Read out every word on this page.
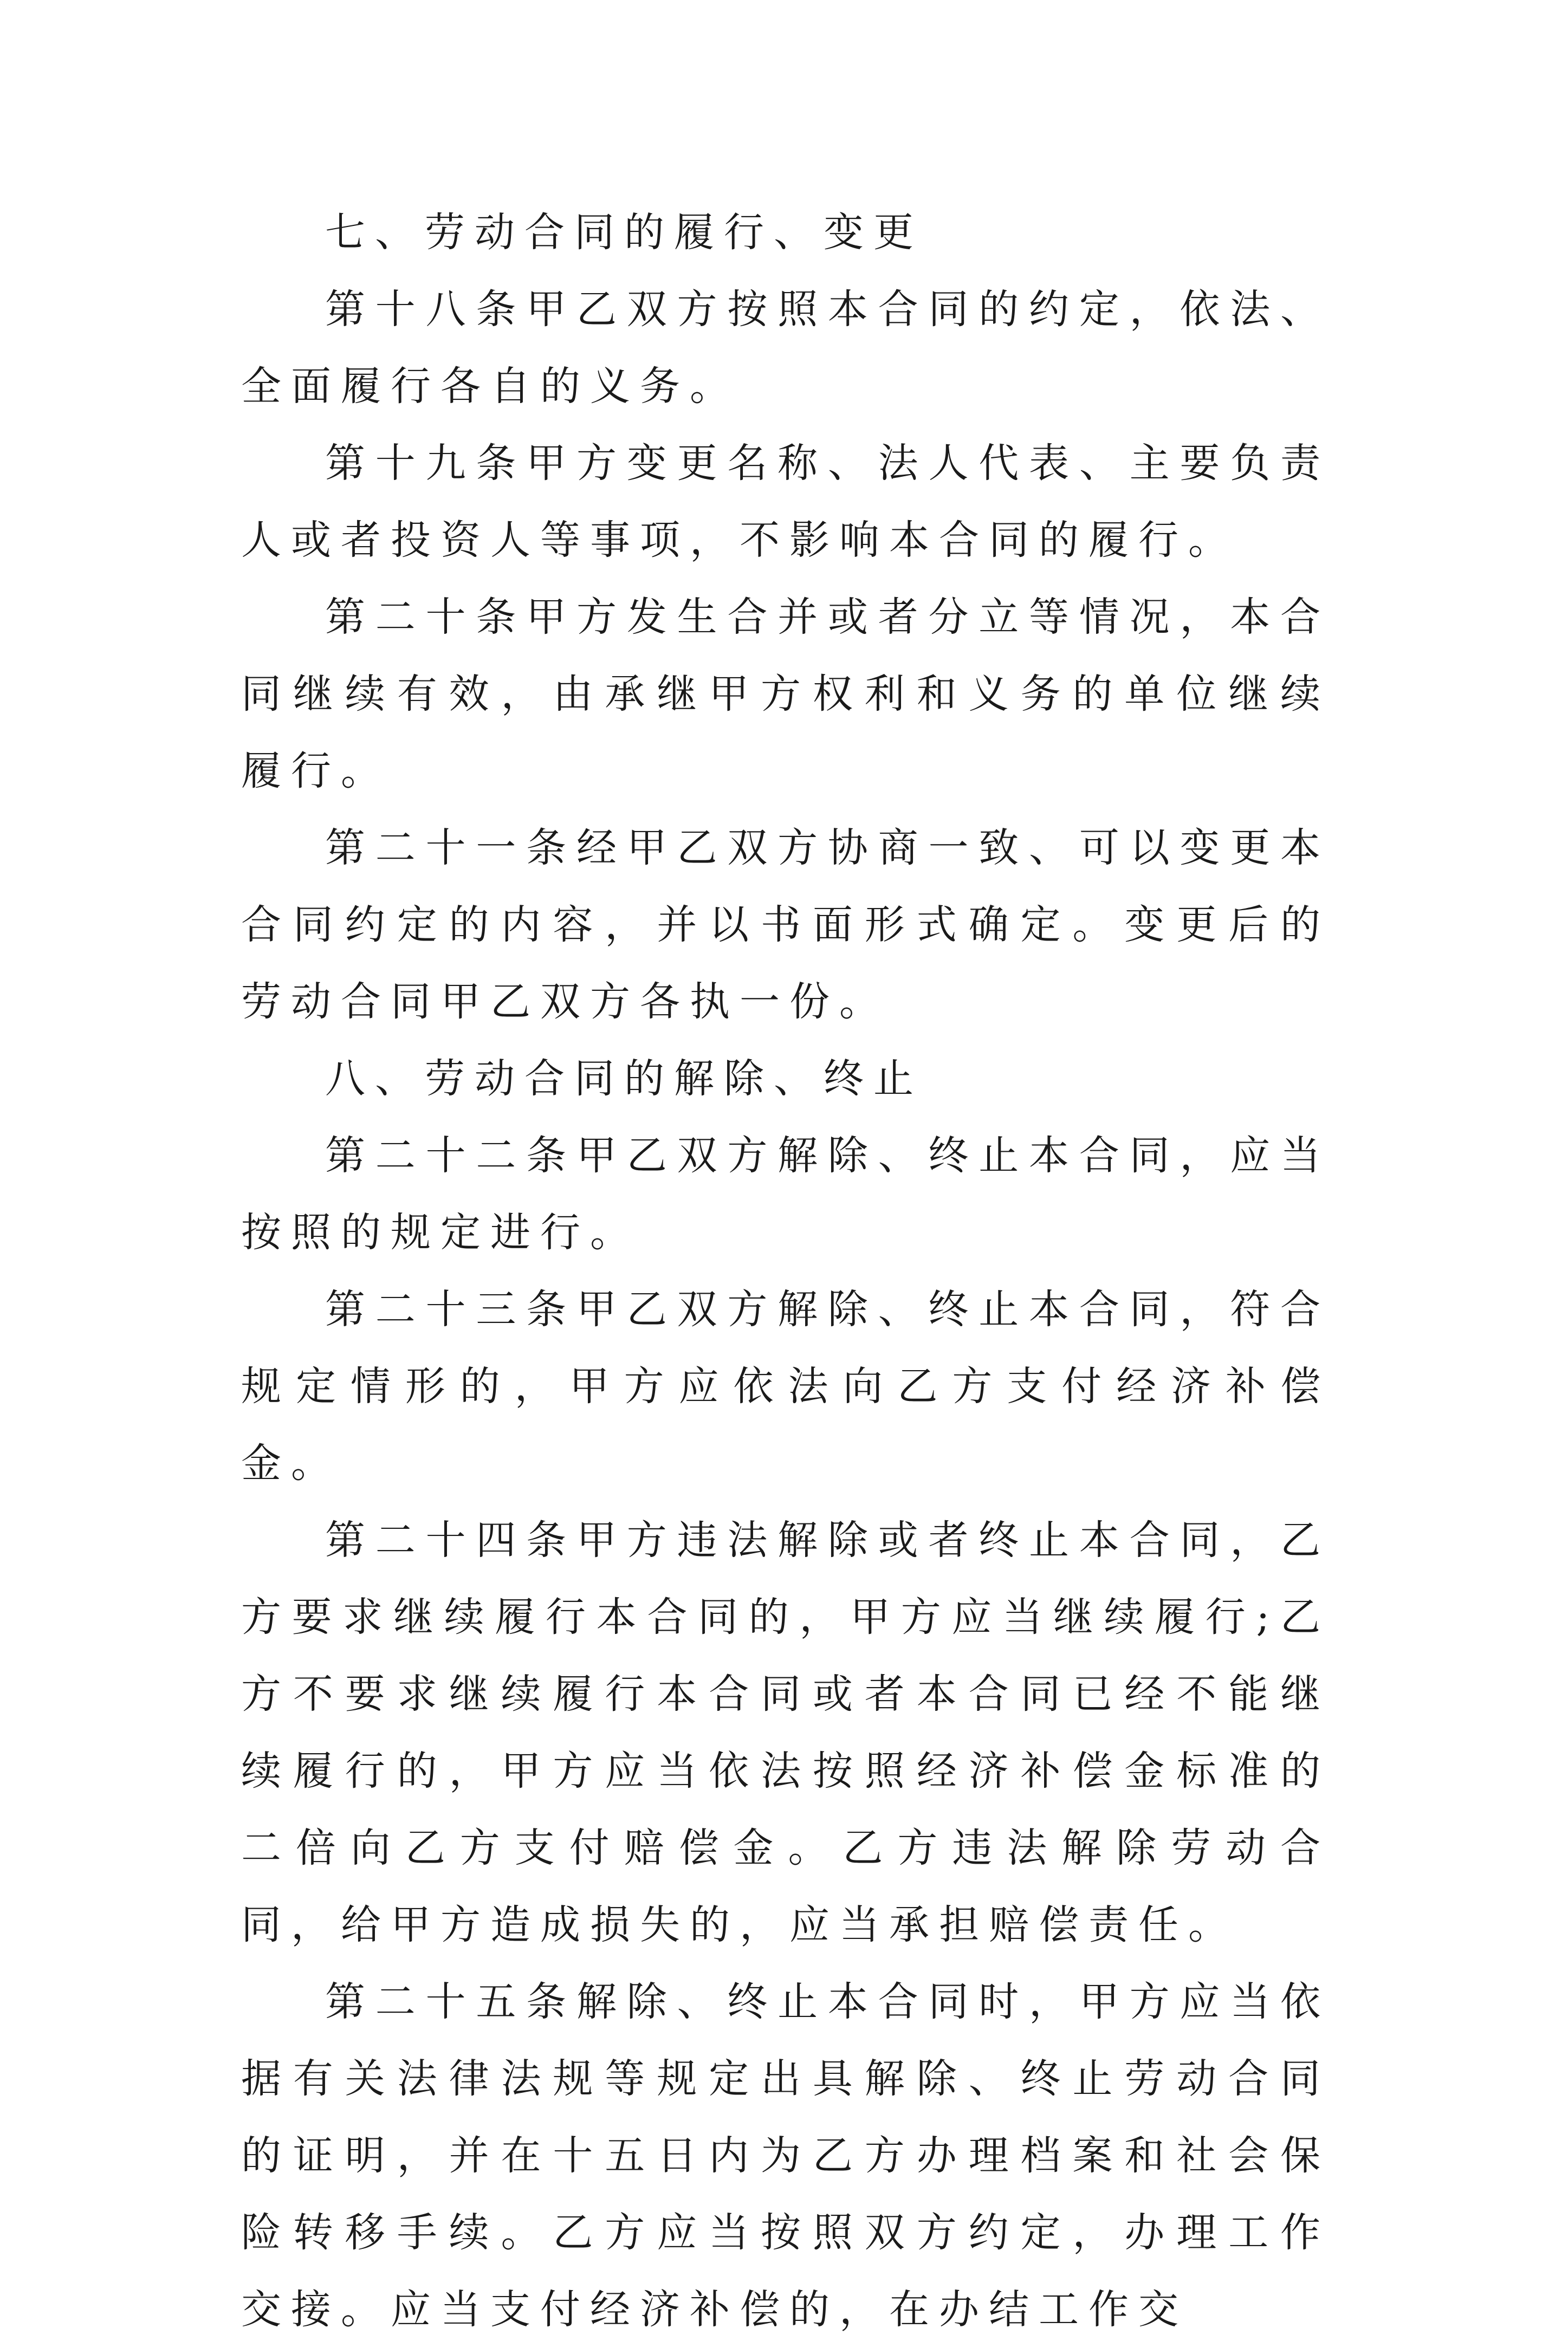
七、劳动合同的履行、变更

第十八条甲乙双方按照本合同的约定，依法、全面履行各自的义务。

第十九条甲方变更名称、法人代表、主要负责人或者投资人等事项，不影响本合同的履行。

第二十条甲方发生合并或者分立等情况，本合同继续有效，由承继甲方权利和义务的单位继续履行。

第二十一条经甲乙双方协商一致、可以变更本合同约定的内容，并以书面形式确定。变更后的劳动合同甲乙双方各执一份。

八、劳动合同的解除、终止

第二十二条甲乙双方解除、终止本合同，应当按照的规定进行。

第二十三条甲乙双方解除、终止本合同，符合规定情形的，甲方应依法向乙方支付经济补偿金。

第二十四条甲方违法解除或者终止本合同，乙方要求继续履行本合同的，甲方应当继续履行;乙方不要求继续履行本合同或者本合同已经不能继续履行的，甲方应当依法按照经济补偿金标准的二倍向乙方支付赔偿金。乙方违法解除劳动合同，给甲方造成损失的，应当承担赔偿责任。

第二十五条解除、终止本合同时，甲方应当依据有关法律法规等规定出具解除、终止劳动合同的证明，并在十五日内为乙方办理档案和社会保险转移手续。乙方应当按照双方约定，办理工作交接。应当支付经济补偿的，在办结工作交
